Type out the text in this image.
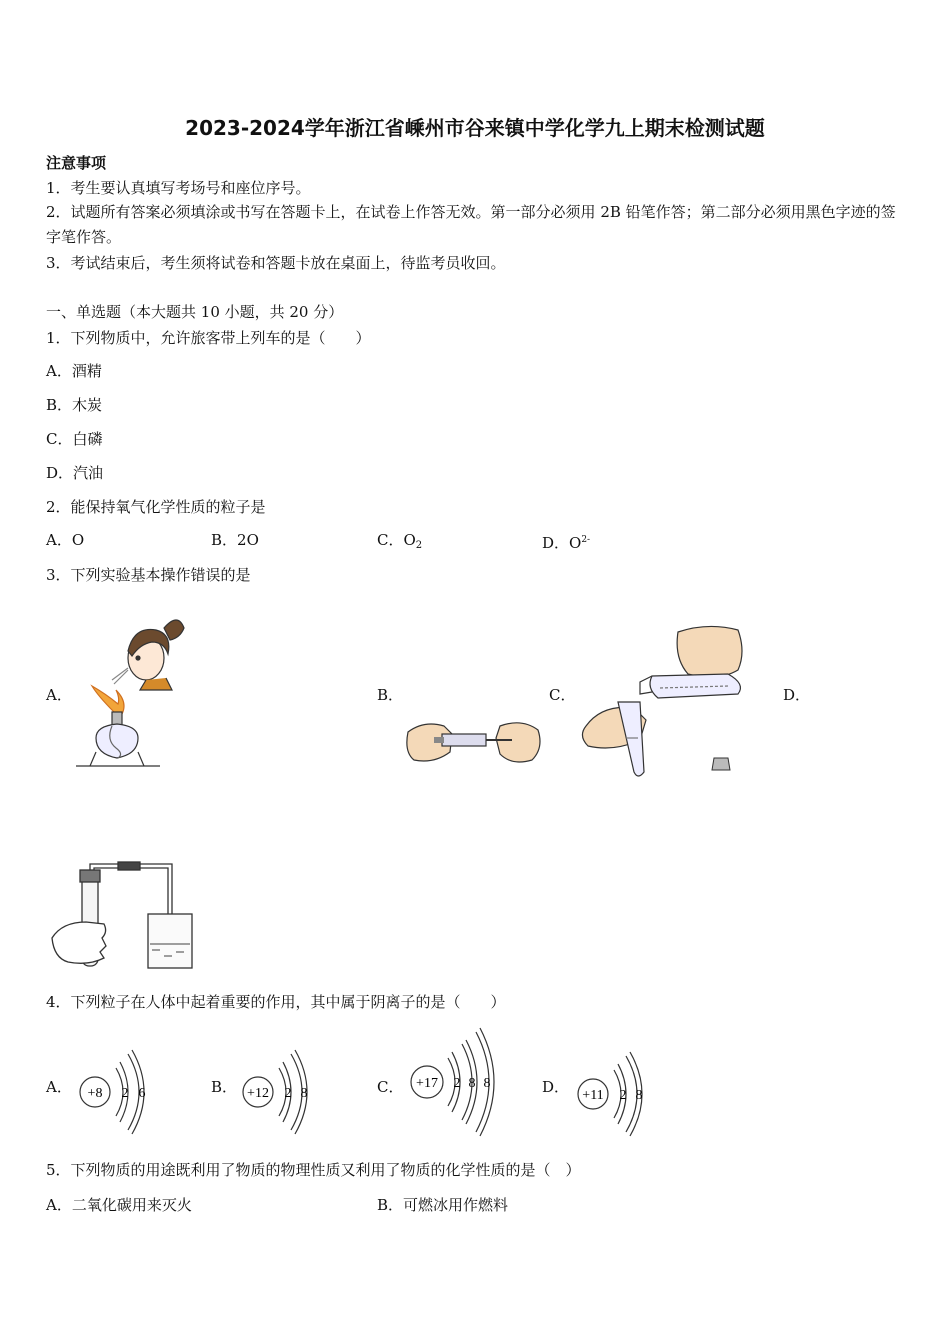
2023-2024学年浙江省嵊州市谷来镇中学化学九上期末检测试题
注意事项
1．考生要认真填写考场号和座位序号。
2．试题所有答案必须填涂或书写在答题卡上，在试卷上作答无效。第一部分必须用 2B 铅笔作答；第二部分必须用黑色字迹的签字笔作答。
3．考试结束后，考生须将试卷和答题卡放在桌面上，待监考员收回。
一、单选题（本大题共 10 小题，共 20 分）
1．下列物质中，允许旅客带上列车的是（　　）
A．酒精
B．木炭
C．白磷
D．汽油
2．能保持氧气化学性质的粒子是
A．O	B．2O	C．$O_2$	D．$O^{2-}$
3．下列实验基本操作错误的是
A．	B．	C．	D．
4．下列粒子在人体中起着重要的作用，其中属于阴离子的是（　　）
A．	B．	C．	D．
+8 2 6	+12 2 8
+17 2 8 8
+11 2 8
5．下列物质的用途既利用了物质的物理性质又利用了物质的化学性质的是（　）
A．二氧化碳用来灭火	B．可燃冰用作燃料
